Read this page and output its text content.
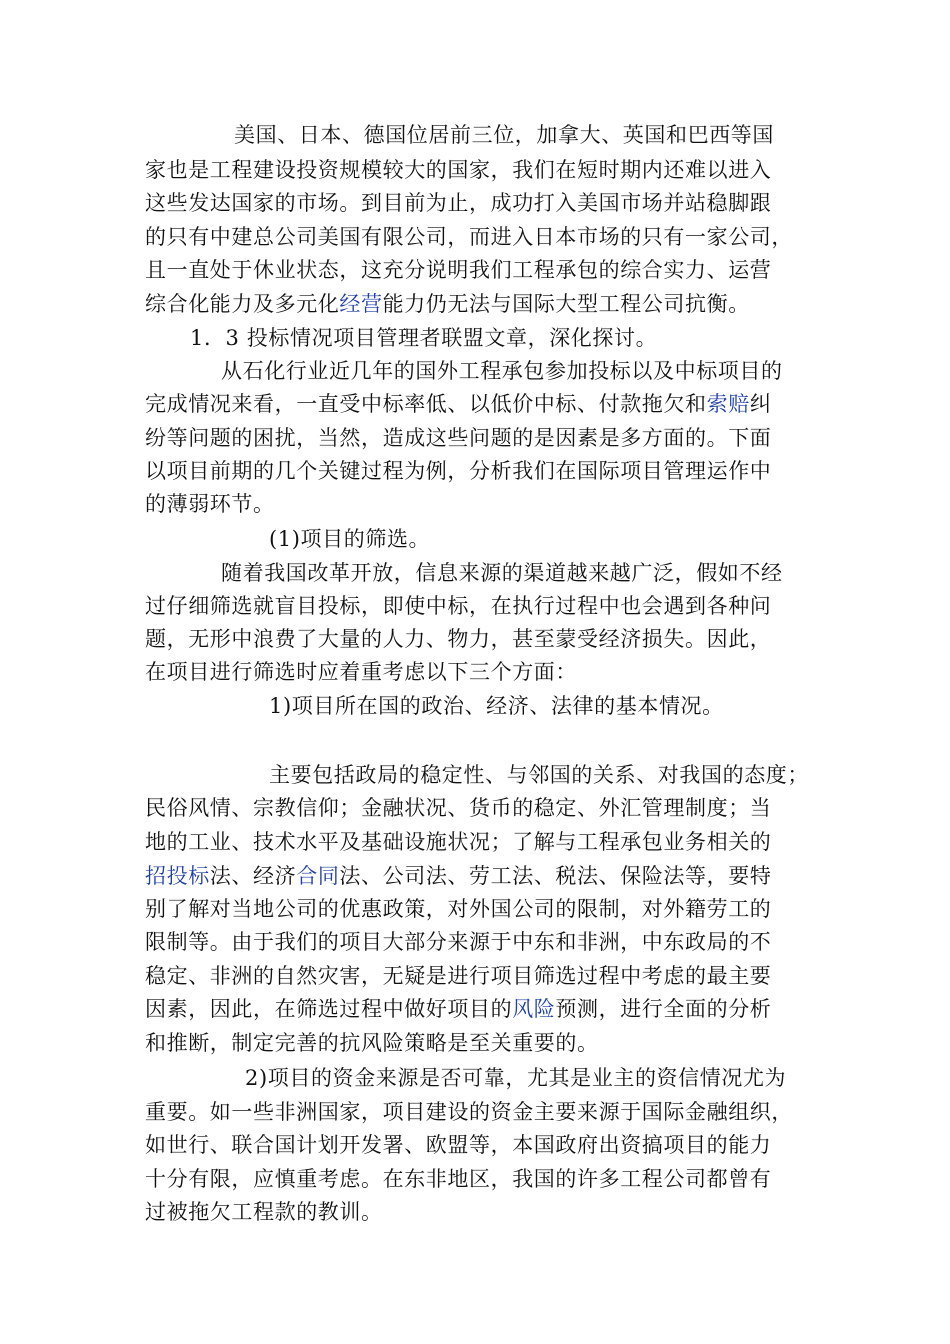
美国、日本、德国位居前三位，加拿大、英国和巴西等国
家也是工程建设投资规模较大的国家，我们在短时期内还难以进入
这些发达国家的市场。到目前为止，成功打入美国市场并站稳脚跟
的只有中建总公司美国有限公司，而进入日本市场的只有一家公司，
且一直处于休业状态，这充分说明我们工程承包的综合实力、运营
综合化能力及多元化经营能力仍无法与国际大型工程公司抗衡。
1．3 投标情况项目管理者联盟文章，深化探讨。
从石化行业近几年的国外工程承包参加投标以及中标项目的
完成情况来看，一直受中标率低、以低价中标、付款拖欠和索赔纠
纷等问题的困扰，当然，造成这些问题的是因素是多方面的。下面
以项目前期的几个关键过程为例，分析我们在国际项目管理运作中
的薄弱环节。
(1)项目的筛选。
随着我国改革开放，信息来源的渠道越来越广泛，假如不经
过仔细筛选就盲目投标，即使中标，在执行过程中也会遇到各种问
题，无形中浪费了大量的人力、物力，甚至蒙受经济损失。因此，
在项目进行筛选时应着重考虑以下三个方面：
1)项目所在国的政治、经济、法律的基本情况。
主要包括政局的稳定性、与邻国的关系、对我国的态度；
民俗风情、宗教信仰；金融状况、货币的稳定、外汇管理制度；当
地的工业、技术水平及基础设施状况；了解与工程承包业务相关的
招投标法、经济合同法、公司法、劳工法、税法、保险法等，要特
别了解对当地公司的优惠政策，对外国公司的限制，对外籍劳工的
限制等。由于我们的项目大部分来源于中东和非洲，中东政局的不
稳定、非洲的自然灾害，无疑是进行项目筛选过程中考虑的最主要
因素，因此，在筛选过程中做好项目的风险预测，进行全面的分析
和推断，制定完善的抗风险策略是至关重要的。
2)项目的资金来源是否可靠，尤其是业主的资信情况尤为
重要。如一些非洲国家，项目建设的资金主要来源于国际金融组织，
如世行、联合国计划开发署、欧盟等，本国政府出资搞项目的能力
十分有限，应慎重考虑。在东非地区，我国的许多工程公司都曾有
过被拖欠工程款的教训。
